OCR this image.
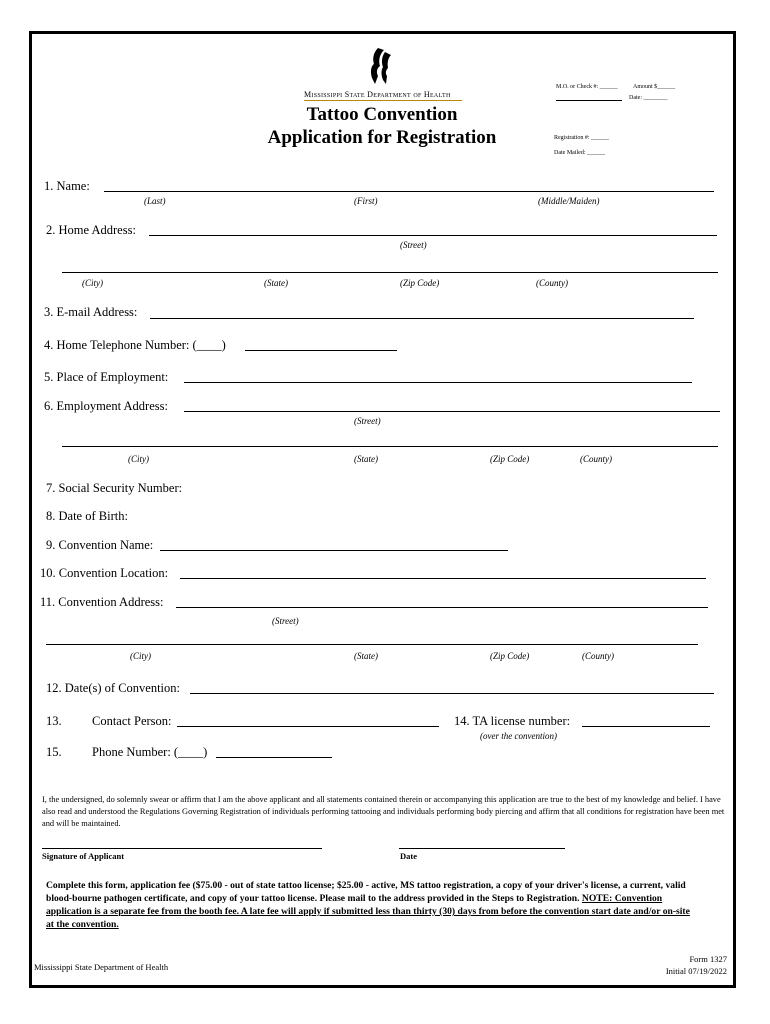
Mississippi State Department of Health
Tattoo Convention
Application for Registration
M.O. or Check #: ______	Amount $______
Date: ________
Registration #: ______
Date Mailed: ______
1. Name:
(Last)	(First)	(Middle/Maiden)
2. Home Address:
(Street)
(City)	(State)	(Zip Code)	(County)
3. E-mail Address:
4. Home Telephone Number: (____)
5. Place of Employment:
6. Employment Address:
(Street)
(City)	(State)	(Zip Code)	(County)
7. Social Security Number:
8. Date of Birth:
9. Convention Name:
10. Convention Location:
11. Convention Address:
(Street)
(City)	(State)	(Zip Code)	(County)
12. Date(s) of Convention:
13. Contact Person:	14. TA license number:
(over the convention)
15. Phone Number: (____)
I, the undersigned, do solemnly swear or affirm that I am the above applicant and all statements contained therein or accompanying this application are true to the best of my knowledge and belief. I have also read and understood the Regulations Governing Registration of individuals performing tattooing and individuals performing body piercing and affirm that all conditions for registration have been met and will be maintained.
Signature of Applicant	Date
Complete this form, application fee ($75.00 - out of state tattoo license; $25.00 - active, MS tattoo registration, a copy of your driver's license, a current, valid blood-bourne pathogen certificate, and copy of your tattoo license. Please mail to the address provided in the Steps to Registration. NOTE: Convention application is a separate fee from the booth fee. A late fee will apply if submitted less than thirty (30) days from before the convention start date and/or on-site at the convention.
Mississippi State Department of Health
Form 1327
Initial 07/19/2022
